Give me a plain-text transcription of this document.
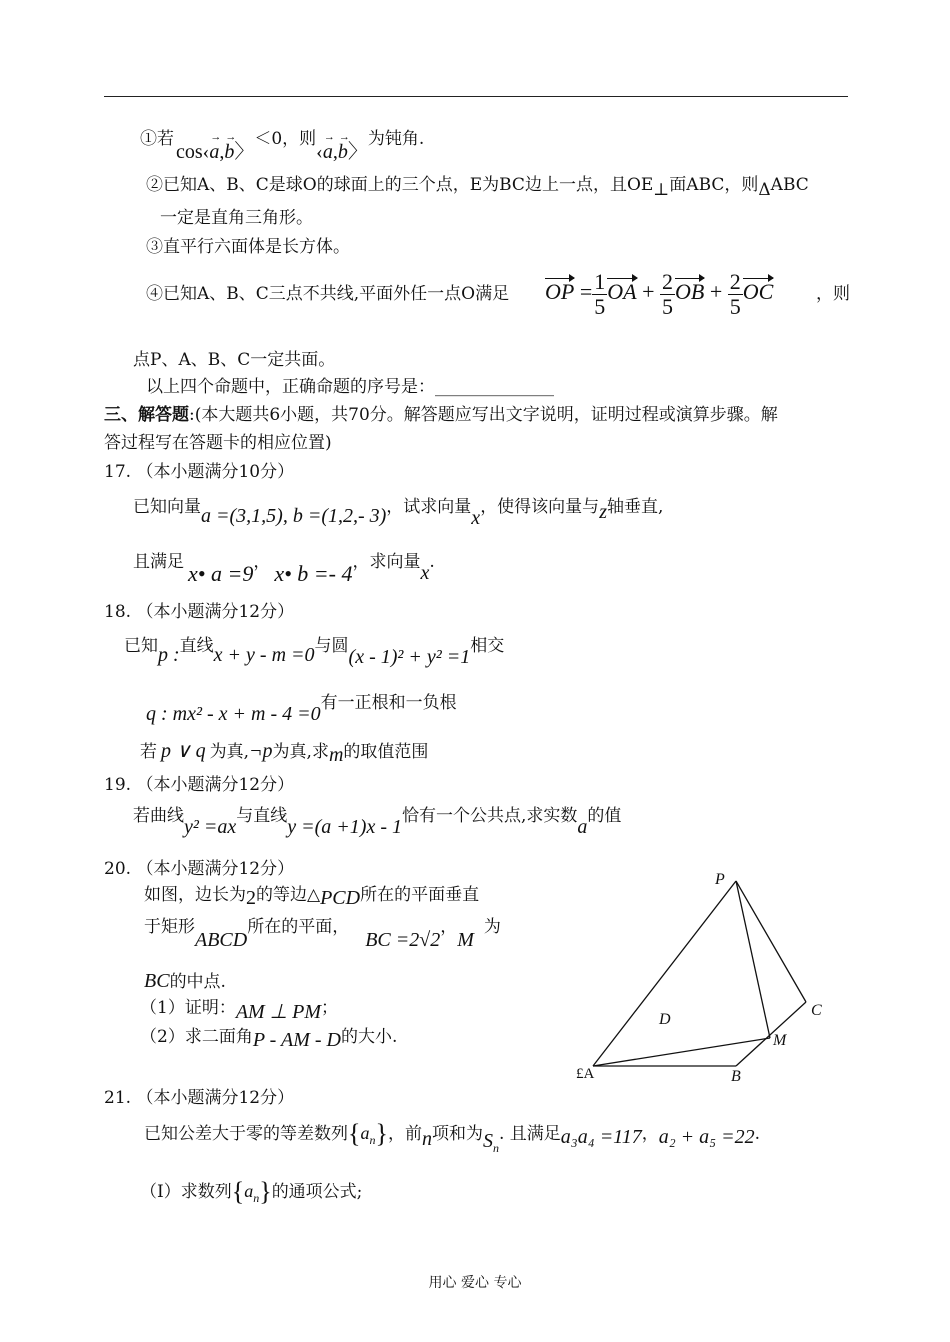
①若cos‹→ a,→ b〉＜0，则‹→ a,→ b〉为钝角.
②已知A、B、C是球O的球面上的三个点，E为BC边上一点，且OE⊥面ABC，则ΔABC
一定是直角三角形。
③直平行六面体是长方体。
④已知A、B、C三点不共线,平面外任一点O满足 OP = $\frac{1}{5}$ OA + $\frac{2}{5}$ OB + $\frac{2}{5}$ OC	，则
点P、A、B、C一定共面。
以上四个命题中，正确命题的序号是：______________
三、解答题:(本大题共6小题，共70分。解答题应写出文字说明，证明过程或演算步骤。解
答过程写在答题卡的相应位置)
17. （本小题满分10分）
已知向量a =(3,1,5), b =(1,2,- 3)，试求向量x，使得该向量与z轴垂直,
且满足 x• a =9， x• b =- 4，求向量x.
18. （本小题满分12分）
已知p :直线x + y - m =0与圆(x - 1)² + y² =1相交
q : mx² - x + m - 4 =0有一正根和一负根
若 p ∨ q 为真,¬p为真,求m的取值范围
19. （本小题满分12分）
若曲线y² =ax与直线y =(a +1)x - 1恰有一个公共点,求实数a的值
20. （本小题满分12分）
如图，边长为2的等边△PCD所在的平面垂直
于矩形ABCD所在的平面，BC =2√2，M为
BC的中点.
（1）证明：AM ⊥ PM；
（2）求二面角P - AM - D的大小.
P
C
D
M
£A	B
21. （本小题满分12分）
已知公差大于零的等差数列$\{a_n\}$，前n项和为$S_n$. 且满足a₃a₄ =117，a₂ + a₅ =22.
（Ⅰ）求数列$\{a_n\}$的通项公式;
用心 爱心 专心
